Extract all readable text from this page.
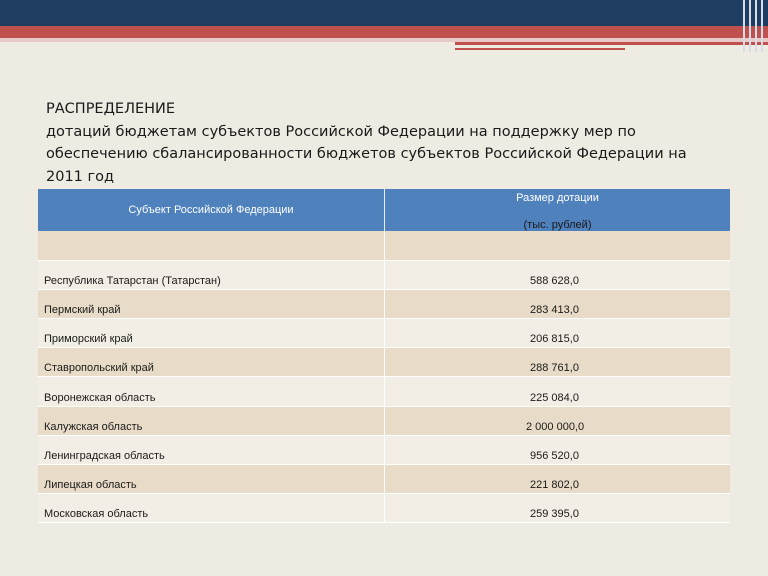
РАСПРЕДЕЛЕНИЕ
дотаций бюджетам субъектов Российской Федерации на поддержку мер по
обеспечению сбалансированности бюджетов субъектов Российской Федерации на
2011 год
Субъект Российской Федерации	Размер дотации
(тыс. рублей)

Республика Татарстан (Татарстан)	588 628,0
Пермский край	283 413,0
Приморский край	206 815,0
Ставропольский край	288 761,0
Воронежская область	225 084,0
Калужская область	2 000 000,0
Ленинградская область	956 520,0
Липецкая область	221 802,0
Московская область	259 395,0
